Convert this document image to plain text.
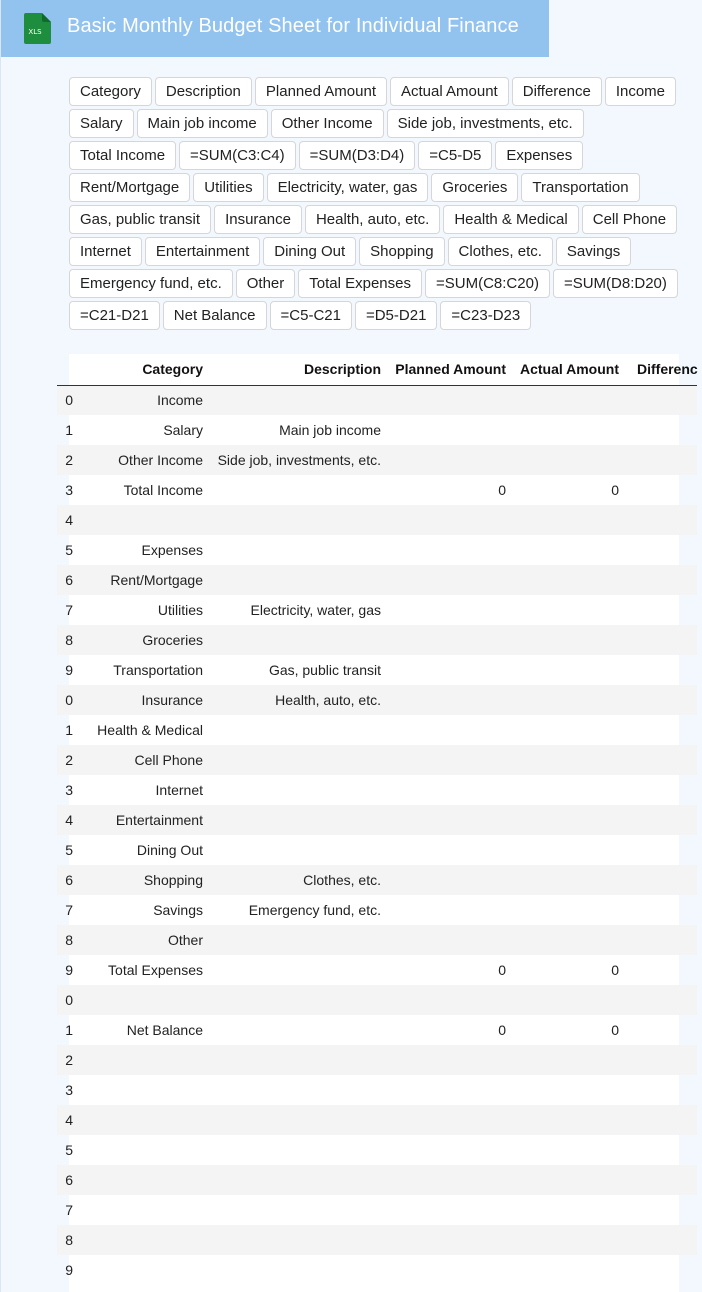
XLS Basic Monthly Budget Sheet for Individual Finance
Category	Description	Planned Amount	Actual Amount	Difference	Income
Salary	Main job income	Other Income	Side job, investments, etc.
Total Income	=SUM(C3:C4)	=SUM(D3:D4)	=C5-D5	Expenses
Rent/Mortgage	Utilities	Electricity, water, gas	Groceries	Transportation
Gas, public transit	Insurance	Health, auto, etc.	Health & Medical	Cell Phone
Internet	Entertainment	Dining Out	Shopping	Clothes, etc.	Savings
Emergency fund, etc.	Other	Total Expenses	=SUM(C8:C20)	=SUM(D8:D20)
=C21-D21	Net Balance	=C5-C21	=D5-D21	=C23-D23
	Category	Description	Planned Amount	Actual Amount	Differenc
0	Income				
1	Salary	Main job income			
2	Other Income	Side job, investments, etc.			
3	Total Income		0	0	
4					
5	Expenses				
6	Rent/Mortgage				
7	Utilities	Electricity, water, gas			
8	Groceries				
9	Transportation	Gas, public transit			
0	Insurance	Health, auto, etc.			
1	Health & Medical				
2	Cell Phone				
3	Internet				
4	Entertainment				
5	Dining Out				
6	Shopping	Clothes, etc.			
7	Savings	Emergency fund, etc.			
8	Other				
9	Total Expenses		0	0	
0					
1	Net Balance		0	0	
2					
3					
4					
5					
6					
7					
8					
9					
